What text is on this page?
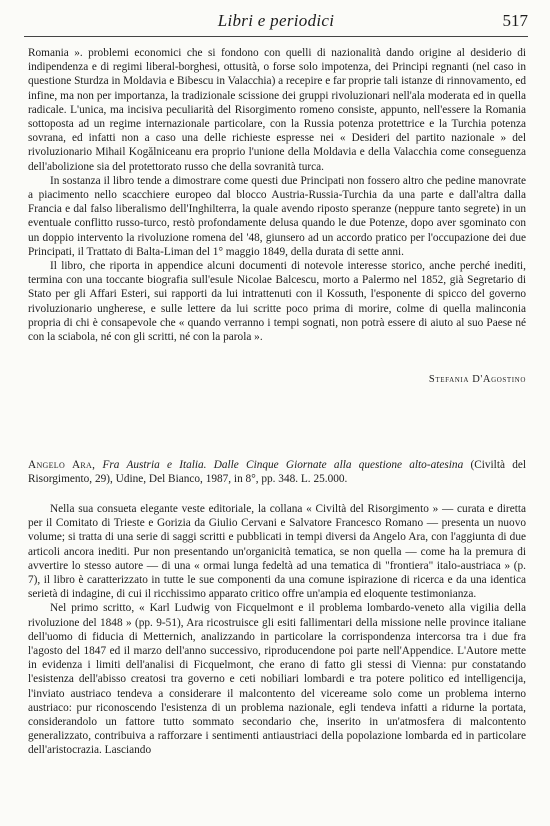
Libri e periodici	517

Romania ». problemi economici che si fondono con quelli di nazionalità dando origine al desiderio di indipendenza e di regimi liberal-borghesi, ottusità, o forse solo impotenza, dei Principi regnanti (nel caso in questione Sturdza in Moldavia e Bibescu in Valacchia) a recepire e far proprie tali istanze di rinnovamento, ed infine, ma non per importanza, la tradizionale scissione dei gruppi rivoluzionari nell'ala moderata ed in quella radicale. L'unica, ma incisiva peculiarità del Risorgimento romeno consiste, appunto, nell'essere la Romania sottoposta ad un regime internazionale particolare, con la Russia potenza protettrice e la Turchia potenza sovrana, ed infatti non a caso una delle richieste espresse nei « Desideri del partito nazionale » del rivoluzionario Mihail Kogălniceanu era proprio l'unione della Moldavia e della Valacchia come conseguenza dell'abolizione sia del protettorato russo che della sovranità turca.

In sostanza il libro tende a dimostrare come questi due Principati non fossero altro che pedine manovrate a piacimento nello scacchiere europeo dal blocco Austria-Russia-Turchia da una parte e dall'altra dalla Francia e dal falso liberalismo dell'Inghilterra, la quale avendo riposto speranze (neppure tanto segrete) in un eventuale conflitto russo-turco, restò profondamente delusa quando le due Potenze, dopo aver sgominato con un doppio intervento la rivoluzione romena del '48, giunsero ad un accordo pratico per l'occupazione dei due Principati, il Trattato di Balta-Liman del 1° maggio 1849, della durata di sette anni.

Il libro, che riporta in appendice alcuni documenti di notevole interesse storico, anche perché inediti, termina con una toccante biografia sull'esule Nicolae Balcescu, morto a Palermo nel 1852, già Segretario di Stato per gli Affari Esteri, sui rapporti da lui intrattenuti con il Kossuth, l'esponente di spicco del governo rivoluzionario ungherese, e sulle lettere da lui scritte poco prima di morire, colme di quella malinconia propria di chi è consapevole che « quando verranno i tempi sognati, non potrà essere di aiuto al suo Paese né con la sciabola, né con gli scritti, né con la parola ».

Stefania D'Agostino
Angelo Ara, Fra Austria e Italia. Dalle Cinque Giornate alla questione alto-atesina (Civiltà del Risorgimento, 29), Udine, Del Bianco, 1987, in 8°, pp. 348. L. 25.000.

Nella sua consueta elegante veste editoriale, la collana « Civiltà del Risorgimento » — curata e diretta per il Comitato di Trieste e Gorizia da Giulio Cervani e Salvatore Francesco Romano — presenta un nuovo volume; si tratta di una serie di saggi scritti e pubblicati in tempi diversi da Angelo Ara, con l'aggiunta di due articoli ancora inediti. Pur non presentando un'organicità tematica, se non quella — come ha la premura di avvertire lo stesso autore — di una « ormai lunga fedeltà ad una tematica di "frontiera" italo-austriaca » (p. 7), il libro è caratterizzato in tutte le sue componenti da una comune ispirazione di ricerca e da una identica serietà di indagine, di cui il ricchissimo apparato critico offre un'ampia ed eloquente testimonianza.

Nel primo scritto, « Karl Ludwig von Ficquelmont e il problema lombardo-veneto alla vigilia della rivoluzione del 1848 » (pp. 9-51), Ara ricostruisce gli esiti fallimentari della missione nelle province italiane dell'uomo di fiducia di Metternich, analizzando in particolare la corrispondenza intercorsa tra i due fra l'agosto del 1847 ed il marzo dell'anno successivo, riproducendone poi parte nell'Appendice. L'Autore mette in evidenza i limiti dell'analisi di Ficquelmont, che erano di fatto gli stessi di Vienna: pur constatando l'esistenza dell'abisso creatosi tra governo e ceti nobiliari lombardi e tra potere politico ed intelligencija, l'inviato austriaco tendeva a considerare il malcontento del vicereame solo come un problema interno austriaco: pur riconoscendo l'esistenza di un problema nazionale, egli tendeva infatti a ridurne la portata, considerandolo un fattore tutto sommato secondario che, inserito in un'atmosfera di malcontento generalizzato, contribuiva a rafforzare i sentimenti antiaustriaci della popolazione lombarda ed in particolare dell'aristocrazia. Lasciando
